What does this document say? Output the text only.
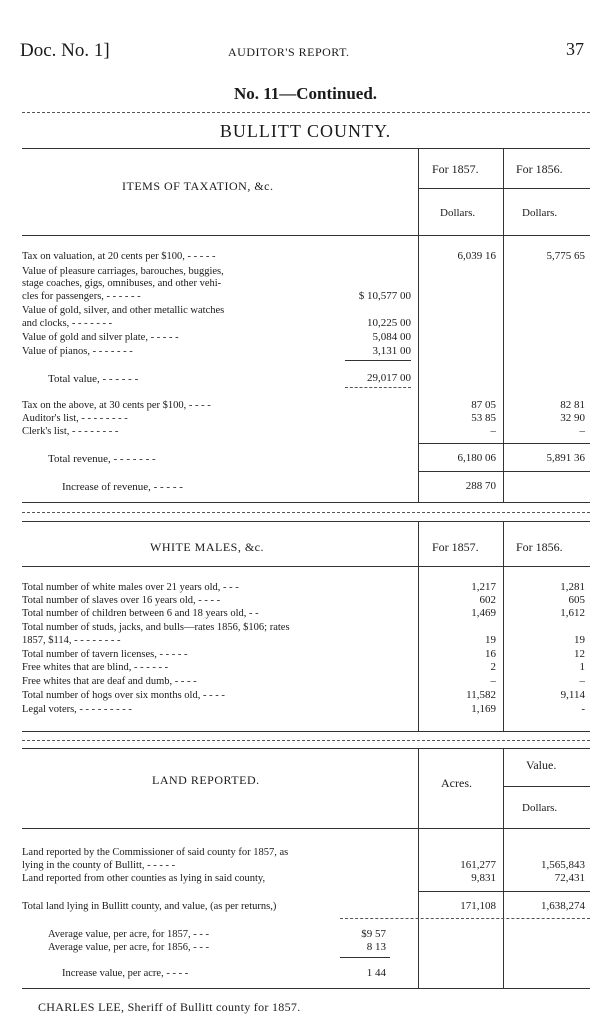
Doc. No. 1]	AUDITOR'S REPORT.	37
No. 11—Continued.
BULLITT COUNTY.
ITEMS OF TAXATION, &c.
For 1857.	For 1856.
Dollars.	Dollars.
Tax on valuation, at 20 cents per $100, - - - - -	6,039 16	5,775 65
Value of pleasure carriages, barouches, buggies,
stage coaches, gigs, omnibuses, and other vehi-
cles for passengers, - - - - - -	$ 10,577 00
Value of gold, silver, and other metallic watches
and clocks, - - - - - - -	10,225 00
Value of gold and silver plate, - - - - -	5,084 00
Value of pianos, - - - - - - -	3,131 00
Total value, - - - - - -	29,017 00
Tax on the above, at 30 cents per $100, - - - -	87 05	82 81
Auditor's list, - - - - - - - -	53 85	32 90
Clerk's list, - - - - - - - -	–	–
Total revenue, - - - - - - -	6,180 06	5,891 36
Increase of revenue, - - - - -	288 70
WHITE MALES, &c.	For 1857.	For 1856.
Total number of white males over 21 years old, - - -	1,217	1,281
Total number of slaves over 16 years old, - - - -	602	605
Total number of children between 6 and 18 years old, - -	1,469	1,612
Total number of studs, jacks, and bulls—rates 1856, $106; rates
1857, $114, - - - - - - - -	19	19
Total number of tavern licenses, - - - - -	16	12
Free whites that are blind, - - - - - -	2	1
Free whites that are deaf and dumb, - - - -	–	–
Total number of hogs over six months old, - - - -	11,582	9,114
Legal voters, - - - - - - - - -	1,169	-
LAND REPORTED.	Acres.
Value.
Dollars.
Land reported by the Commissioner of said county for 1857, as
lying in the county of Bullitt, - - - - -	161,277	1,565,843
Land reported from other counties as lying in said county,	9,831	72,431
Total land lying in Bullitt county, and value, (as per returns,)	171,108	1,638,274
Average value, per acre, for 1857, - - -	$9 57
Average value, per acre, for 1856, - - -	8 13
Increase value, per acre, - - - -	1 44
CHARLES LEE, Sheriff of Bullitt county for 1857.
